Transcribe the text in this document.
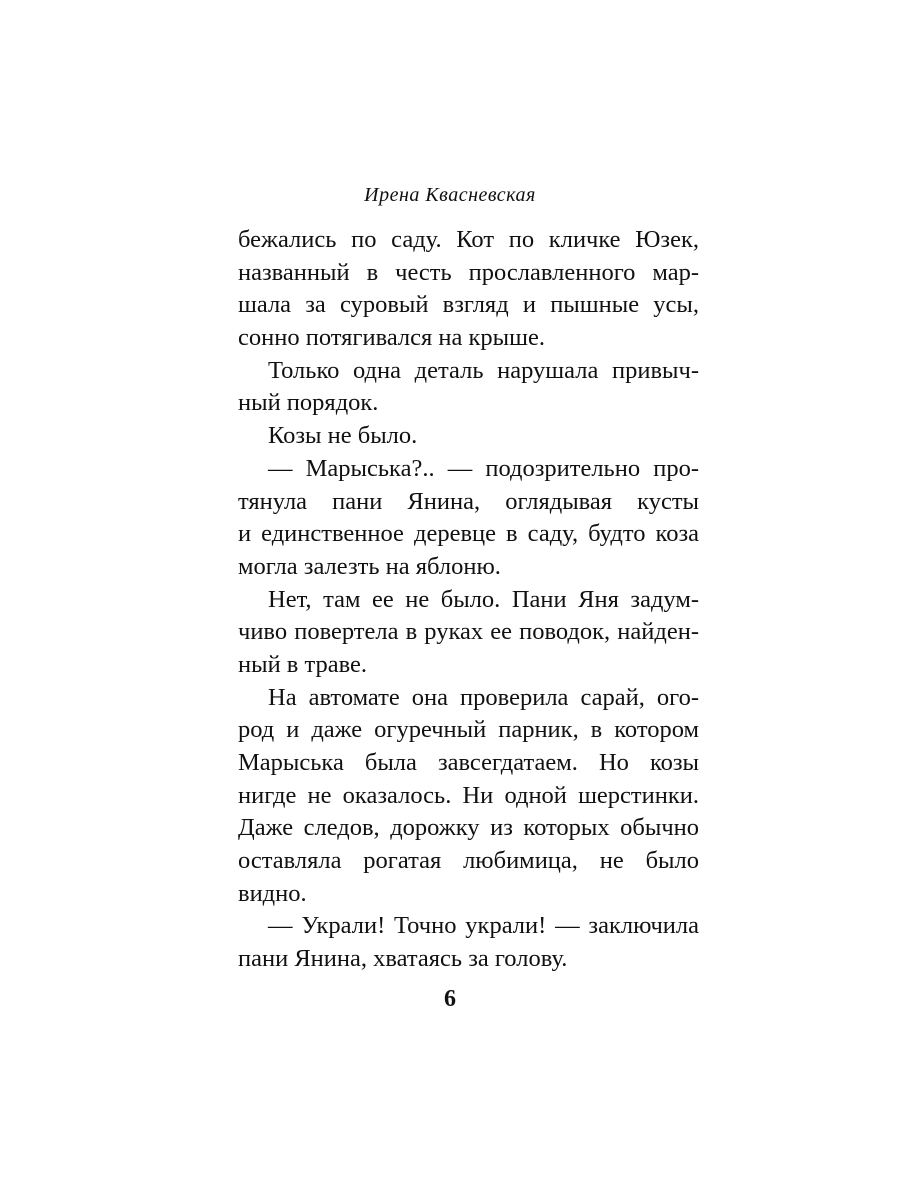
Ирена Квасневская
бежались по саду. Кот по кличке Юзек,
названный в честь прославленного мар-
шала за суровый взгляд и пышные усы,
сонно потягивался на крыше.
Только одна деталь нарушала привыч-
ный порядок.
Козы не было.
— Марыська?.. — подозрительно про-
тянула пани Янина, оглядывая кусты
и единственное деревце в саду, будто коза
могла залезть на яблоню.
Нет, там ее не было. Пани Яня задум-
чиво повертела в руках ее поводок, найден-
ный в траве.
На автомате она проверила сарай, ого-
род и даже огуречный парник, в котором
Марыська была завсегдатаем. Но козы
нигде не оказалось. Ни одной шерстинки.
Даже следов, дорожку из которых обычно
оставляла рогатая любимица, не было
видно.
— Украли! Точно украли! — заключила
пани Янина, хватаясь за голову.
6
